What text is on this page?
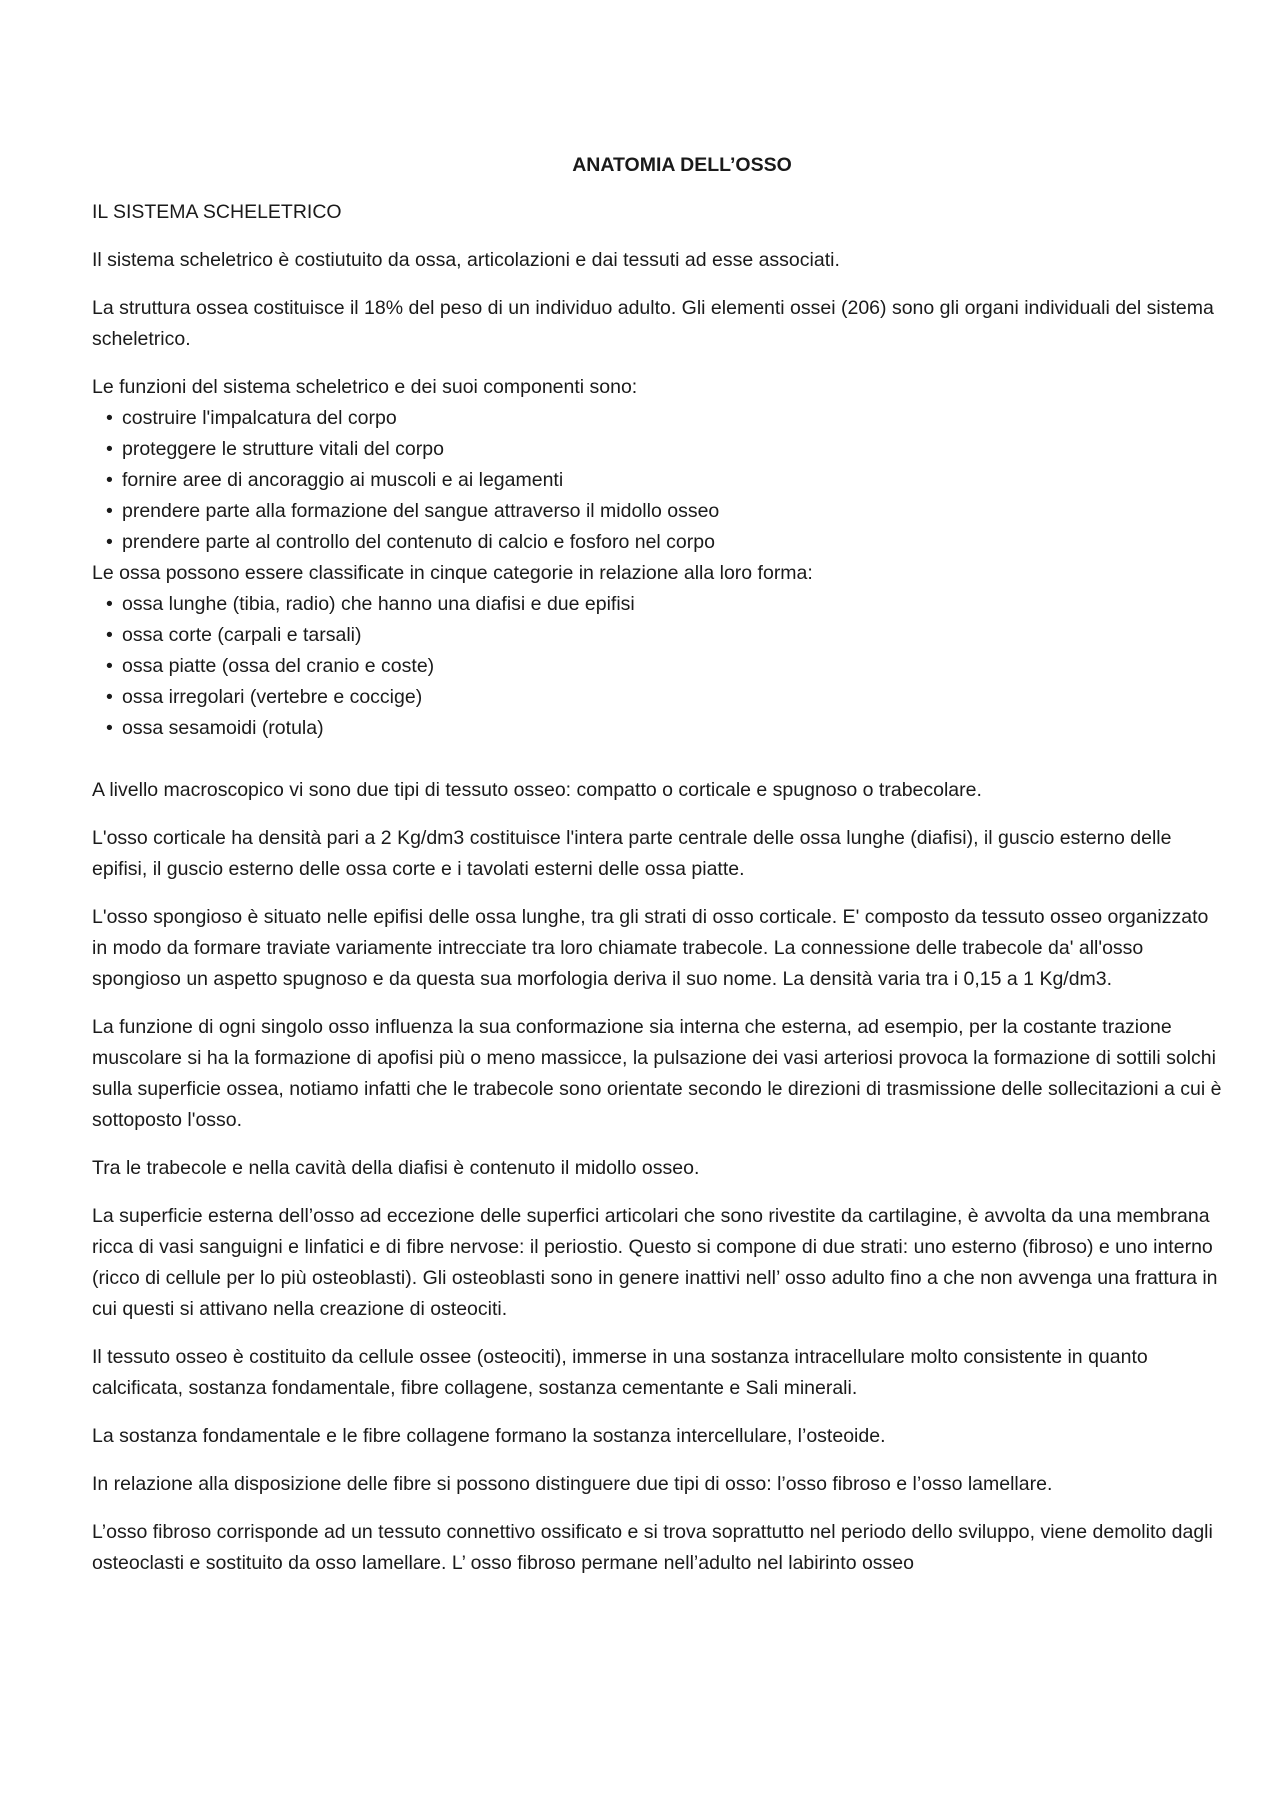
ANATOMIA DELL’OSSO
IL SISTEMA SCHELETRICO

Il sistema scheletrico è costiutuito da ossa, articolazioni e dai tessuti ad esse associati.

La struttura ossea costituisce il 18% del peso di un individuo adulto. Gli elementi ossei (206) sono gli organi individuali del sistema scheletrico.

Le funzioni del sistema scheletrico e dei suoi componenti sono:

• costruire l'impalcatura del corpo
• proteggere le strutture vitali del corpo
• fornire aree di ancoraggio ai muscoli e ai legamenti
• prendere parte alla formazione del sangue attraverso il midollo osseo
• prendere parte al controllo del contenuto di calcio e fosforo nel corpo

Le ossa possono essere classificate in cinque categorie in relazione alla loro forma:

• ossa lunghe (tibia, radio) che hanno una diafisi e due epifisi
• ossa corte (carpali e tarsali)
• ossa piatte (ossa del cranio e coste)
• ossa irregolari (vertebre e coccige)
• ossa sesamoidi (rotula)

A livello macroscopico vi sono due tipi di tessuto osseo: compatto o corticale e spugnoso o trabecolare.

L'osso corticale ha densità pari a 2 Kg/dm3 costituisce l'intera parte centrale delle ossa lunghe (diafisi), il guscio esterno delle epifisi, il guscio esterno delle ossa corte e i tavolati esterni delle ossa piatte.

L'osso spongioso è situato nelle epifisi delle ossa lunghe, tra gli strati di osso corticale. E' composto da tessuto osseo organizzato in modo da formare traviate variamente intrecciate tra loro chiamate trabecole. La connessione delle trabecole da' all'osso spongioso un aspetto spugnoso e da questa sua morfologia deriva il suo nome. La densità varia tra i 0,15 a 1 Kg/dm3.

La funzione di ogni singolo osso influenza la sua conformazione sia interna che esterna, ad esempio, per la costante trazione muscolare si ha la formazione di apofisi più o meno massicce, la pulsazione dei vasi arteriosi provoca la formazione di sottili solchi sulla superficie ossea, notiamo infatti che le trabecole sono orientate secondo le direzioni di trasmissione delle sollecitazioni a cui è sottoposto l'osso.

Tra le trabecole e nella cavità della diafisi è contenuto il midollo osseo.

La superficie esterna dell’osso ad eccezione delle superfici articolari che sono rivestite da cartilagine, è avvolta da una membrana ricca di vasi sanguigni e linfatici e di fibre nervose: il periostio. Questo si compone di due strati: uno esterno (fibroso) e uno interno (ricco di cellule per lo più osteoblasti). Gli osteoblasti sono in genere inattivi nell’ osso adulto fino a che non avvenga una frattura in cui questi si attivano nella creazione di osteociti.

Il tessuto osseo è costituito da cellule ossee (osteociti), immerse in una sostanza intracellulare molto consistente in quanto calcificata, sostanza fondamentale, fibre collagene, sostanza cementante e Sali minerali.

La sostanza fondamentale e le fibre collagene formano la sostanza intercellulare, l’osteoide.

In relazione alla disposizione delle fibre si possono distinguere due tipi di osso: l’osso fibroso e l’osso lamellare.

L’osso fibroso corrisponde ad un tessuto connettivo ossificato e si trova soprattutto nel periodo dello sviluppo, viene demolito dagli osteoclasti e sostituito da osso lamellare. L’ osso fibroso permane nell’adulto nel labirinto osseo
